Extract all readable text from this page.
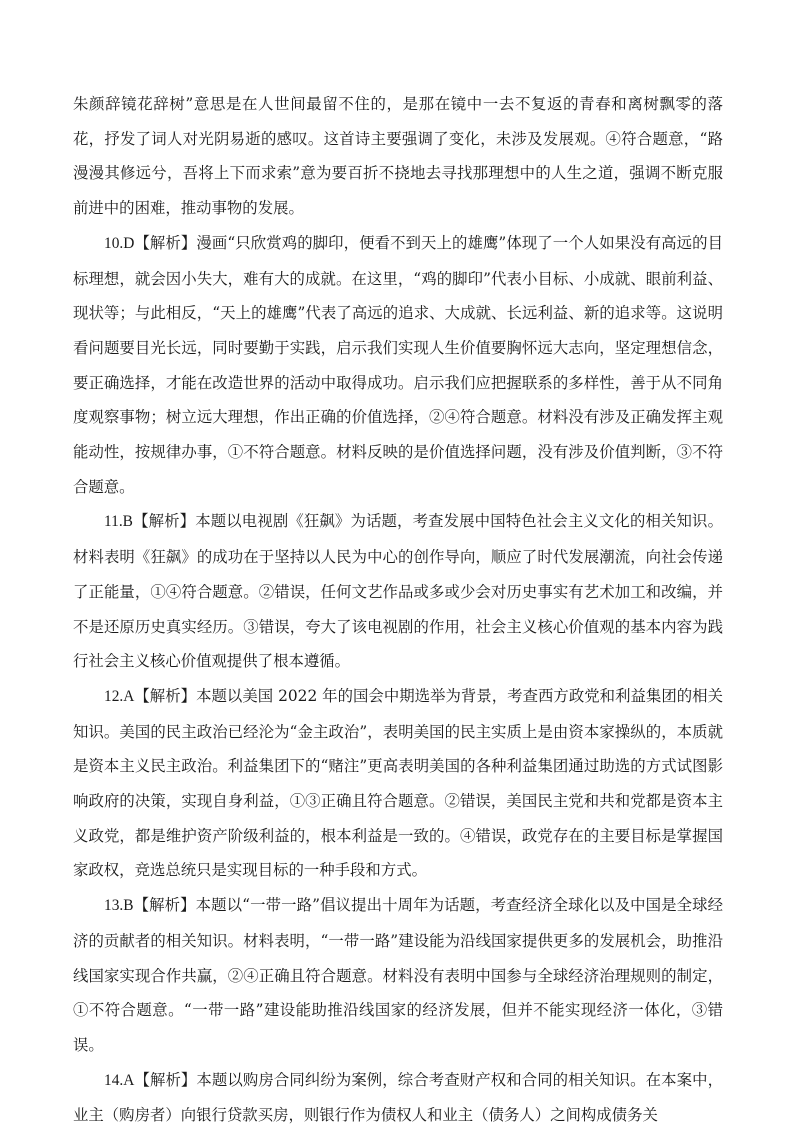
朱颜辞镜花辞树”意思是在人世间最留不住的，是那在镜中一去不复返的青春和离树飘零的落花，抒发了词人对光阴易逝的感叹。这首诗主要强调了变化，未涉及发展观。④符合题意，“路漫漫其修远兮，吾将上下而求索”意为要百折不挠地去寻找那理想中的人生之道，强调不断克服前进中的困难，推动事物的发展。

10.D【解析】漫画“只欣赏鸡的脚印，便看不到天上的雄鹰”体现了一个人如果没有高远的目标理想，就会因小失大，难有大的成就。在这里，“鸡的脚印”代表小目标、小成就、眼前利益、现状等；与此相反，“天上的雄鹰”代表了高远的追求、大成就、长远利益、新的追求等。这说明看问题要目光长远，同时要勤于实践，启示我们实现人生价值要胸怀远大志向，坚定理想信念，要正确选择，才能在改造世界的活动中取得成功。启示我们应把握联系的多样性，善于从不同角度观察事物；树立远大理想，作出正确的价值选择，②④符合题意。材料没有涉及正确发挥主观能动性，按规律办事，①不符合题意。材料反映的是价值选择问题，没有涉及价值判断，③不符合题意。

11.B【解析】本题以电视剧《狂飙》为话题，考查发展中国特色社会主义文化的相关知识。材料表明《狂飙》的成功在于坚持以人民为中心的创作导向，顺应了时代发展潮流，向社会传递了正能量，①④符合题意。②错误，任何文艺作品或多或少会对历史事实有艺术加工和改编，并不是还原历史真实经历。③错误，夸大了该电视剧的作用，社会主义核心价值观的基本内容为践行社会主义核心价值观提供了根本遵循。

12.A【解析】本题以美国 2022 年的国会中期选举为背景，考查西方政党和利益集团的相关知识。美国的民主政治已经沦为“金主政治”，表明美国的民主实质上是由资本家操纵的，本质就是资本主义民主政治。利益集团下的“赌注”更高表明美国的各种利益集团通过助选的方式试图影响政府的决策，实现自身利益，①③正确且符合题意。②错误，美国民主党和共和党都是资本主义政党，都是维护资产阶级利益的，根本利益是一致的。④错误，政党存在的主要目标是掌握国家政权，竞选总统只是实现目标的一种手段和方式。

13.B【解析】本题以“一带一路”倡议提出十周年为话题，考查经济全球化以及中国是全球经济的贡献者的相关知识。材料表明，“一带一路”建设能为沿线国家提供更多的发展机会，助推沿线国家实现合作共赢，②④正确且符合题意。材料没有表明中国参与全球经济治理规则的制定，①不符合题意。“一带一路”建设能助推沿线国家的经济发展，但并不能实现经济一体化，③错误。

14.A【解析】本题以购房合同纠纷为案例，综合考查财产权和合同的相关知识。在本案中，业主（购房者）向银行贷款买房，则银行作为债权人和业主（债务人）之间构成债务关
